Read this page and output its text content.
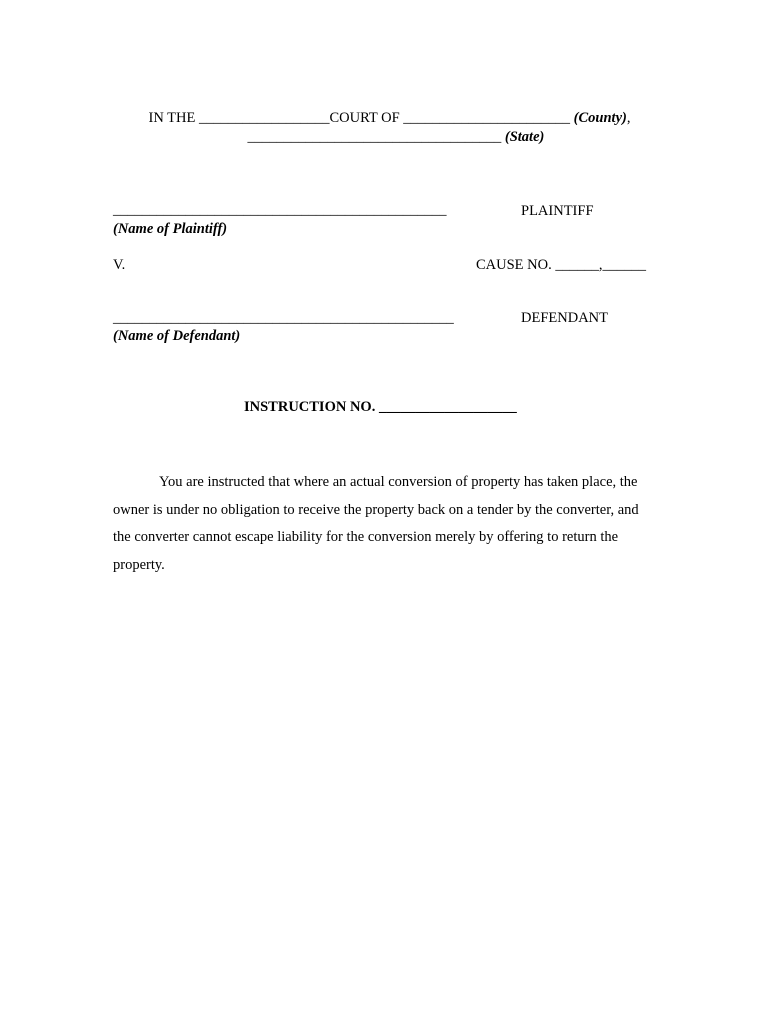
IN THE __________________COURT OF _______________________ (County),

___________________________________ (State)

______________________________________________	PLAINTIFF
(Name of Plaintiff)
V.	CAUSE NO. ______,______
_______________________________________________	DEFENDANT
(Name of Defendant)
INSTRUCTION NO. ___________________
You are instructed that where an actual conversion of property has taken place, the owner is under no obligation to receive the property back on a tender by the converter, and the converter cannot escape liability for the conversion merely by offering to return the property.
